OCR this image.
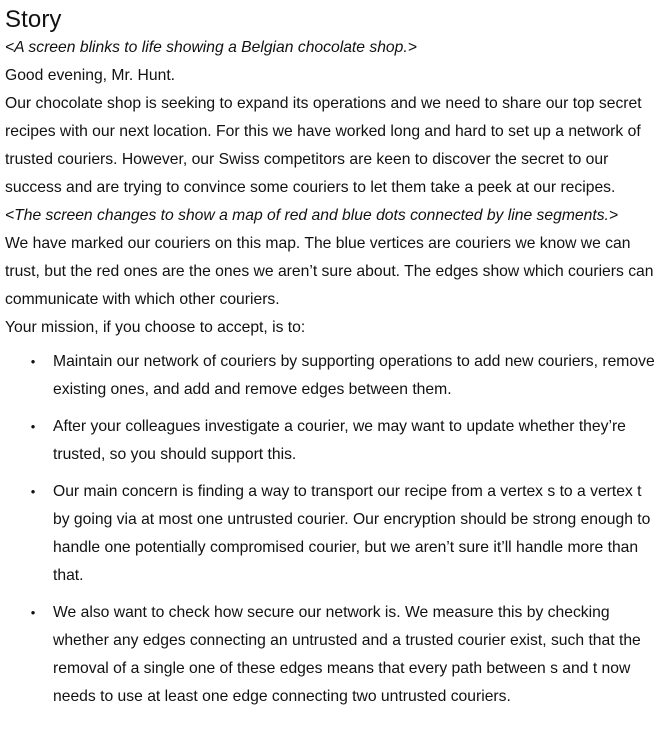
Story

<A screen blinks to life showing a Belgian chocolate shop.>

Good evening, Mr. Hunt.

Our chocolate shop is seeking to expand its operations and we need to share our top secret recipes with our next location. For this we have worked long and hard to set up a network of trusted couriers. However, our Swiss competitors are keen to discover the secret to our success and are trying to convince some couriers to let them take a peek at our recipes.

<The screen changes to show a map of red and blue dots connected by line segments.>

We have marked our couriers on this map. The blue vertices are couriers we know we can trust, but the red ones are the ones we aren’t sure about. The edges show which couriers can communicate with which other couriers.

Your mission, if you choose to accept, is to:

• Maintain our network of couriers by supporting operations to add new couriers, remove existing ones, and add and remove edges between them.
• After your colleagues investigate a courier, we may want to update whether they’re trusted, so you should support this.
• Our main concern is finding a way to transport our recipe from a vertex s to a vertex t by going via at most one untrusted courier. Our encryption should be strong enough to handle one potentially compromised courier, but we aren’t sure it’ll handle more than that.
• We also want to check how secure our network is. We measure this by checking whether any edges connecting an untrusted and a trusted courier exist, such that the removal of a single one of these edges means that every path between s and t now needs to use at least one edge connecting two untrusted couriers.
